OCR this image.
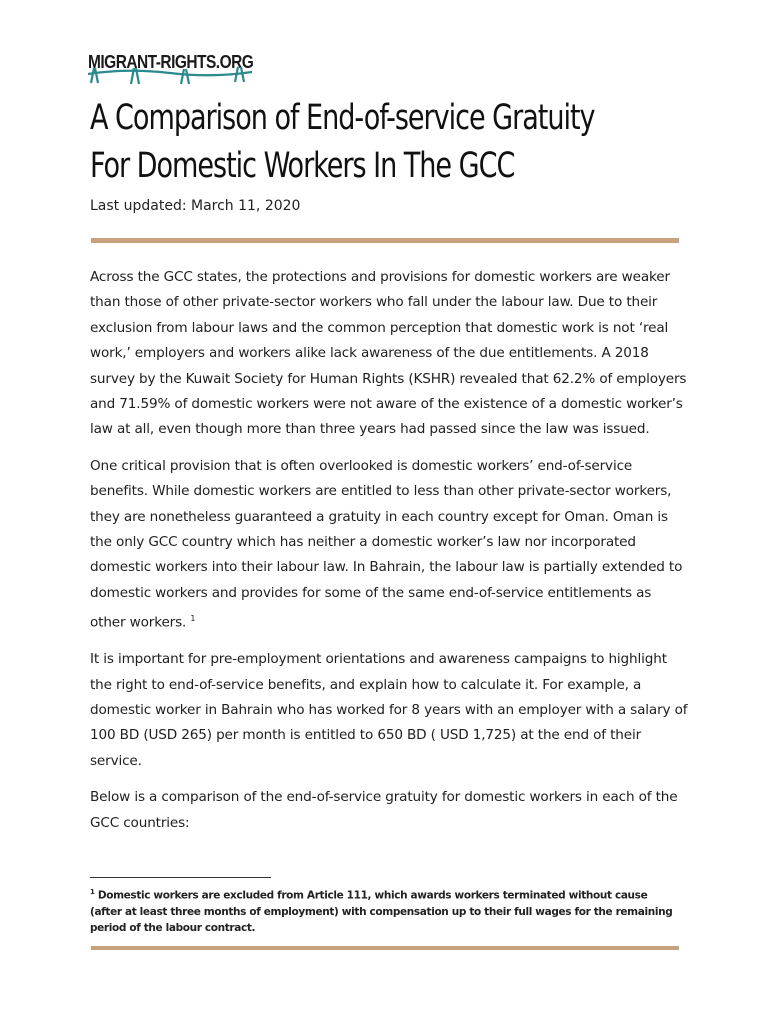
MIGRANT-RIGHTS.ORG
A Comparison of End-of-service Gratuity For Domestic Workers In The GCC
Last updated: March 11, 2020

Across the GCC states, the protections and provisions for domestic workers are weaker than those of other private-sector workers who fall under the labour law. Due to their exclusion from labour laws and the common perception that domestic work is not ‘real work,’ employers and workers alike lack awareness of the due entitlements. A 2018 survey by the Kuwait Society for Human Rights (KSHR) revealed that 62.2% of employers and 71.59% of domestic workers were not aware of the existence of a domestic worker’s law at all, even though more than three years had passed since the law was issued.

One critical provision that is often overlooked is domestic workers’ end-of-service benefits. While domestic workers are entitled to less than other private-sector workers, they are nonetheless guaranteed a gratuity in each country except for Oman. Oman is the only GCC country which has neither a domestic worker’s law nor incorporated domestic workers into their labour law. In Bahrain, the labour law is partially extended to domestic workers and provides for some of the same end-of-service entitlements as other workers. $^1$

It is important for pre-employment orientations and awareness campaigns to highlight the right to end-of-service benefits, and explain how to calculate it. For example, a domestic worker in Bahrain who has worked for 8 years with an employer with a salary of 100 BD (USD 265) per month is entitled to 650 BD ( USD 1,725) at the end of their service.

Below is a comparison of the end-of-service gratuity for domestic workers in each of the GCC countries:

$^1$ Domestic workers are excluded from Article 111, which awards workers terminated without cause (after at least three months of employment) with compensation up to their full wages for the remaining period of the labour contract.
